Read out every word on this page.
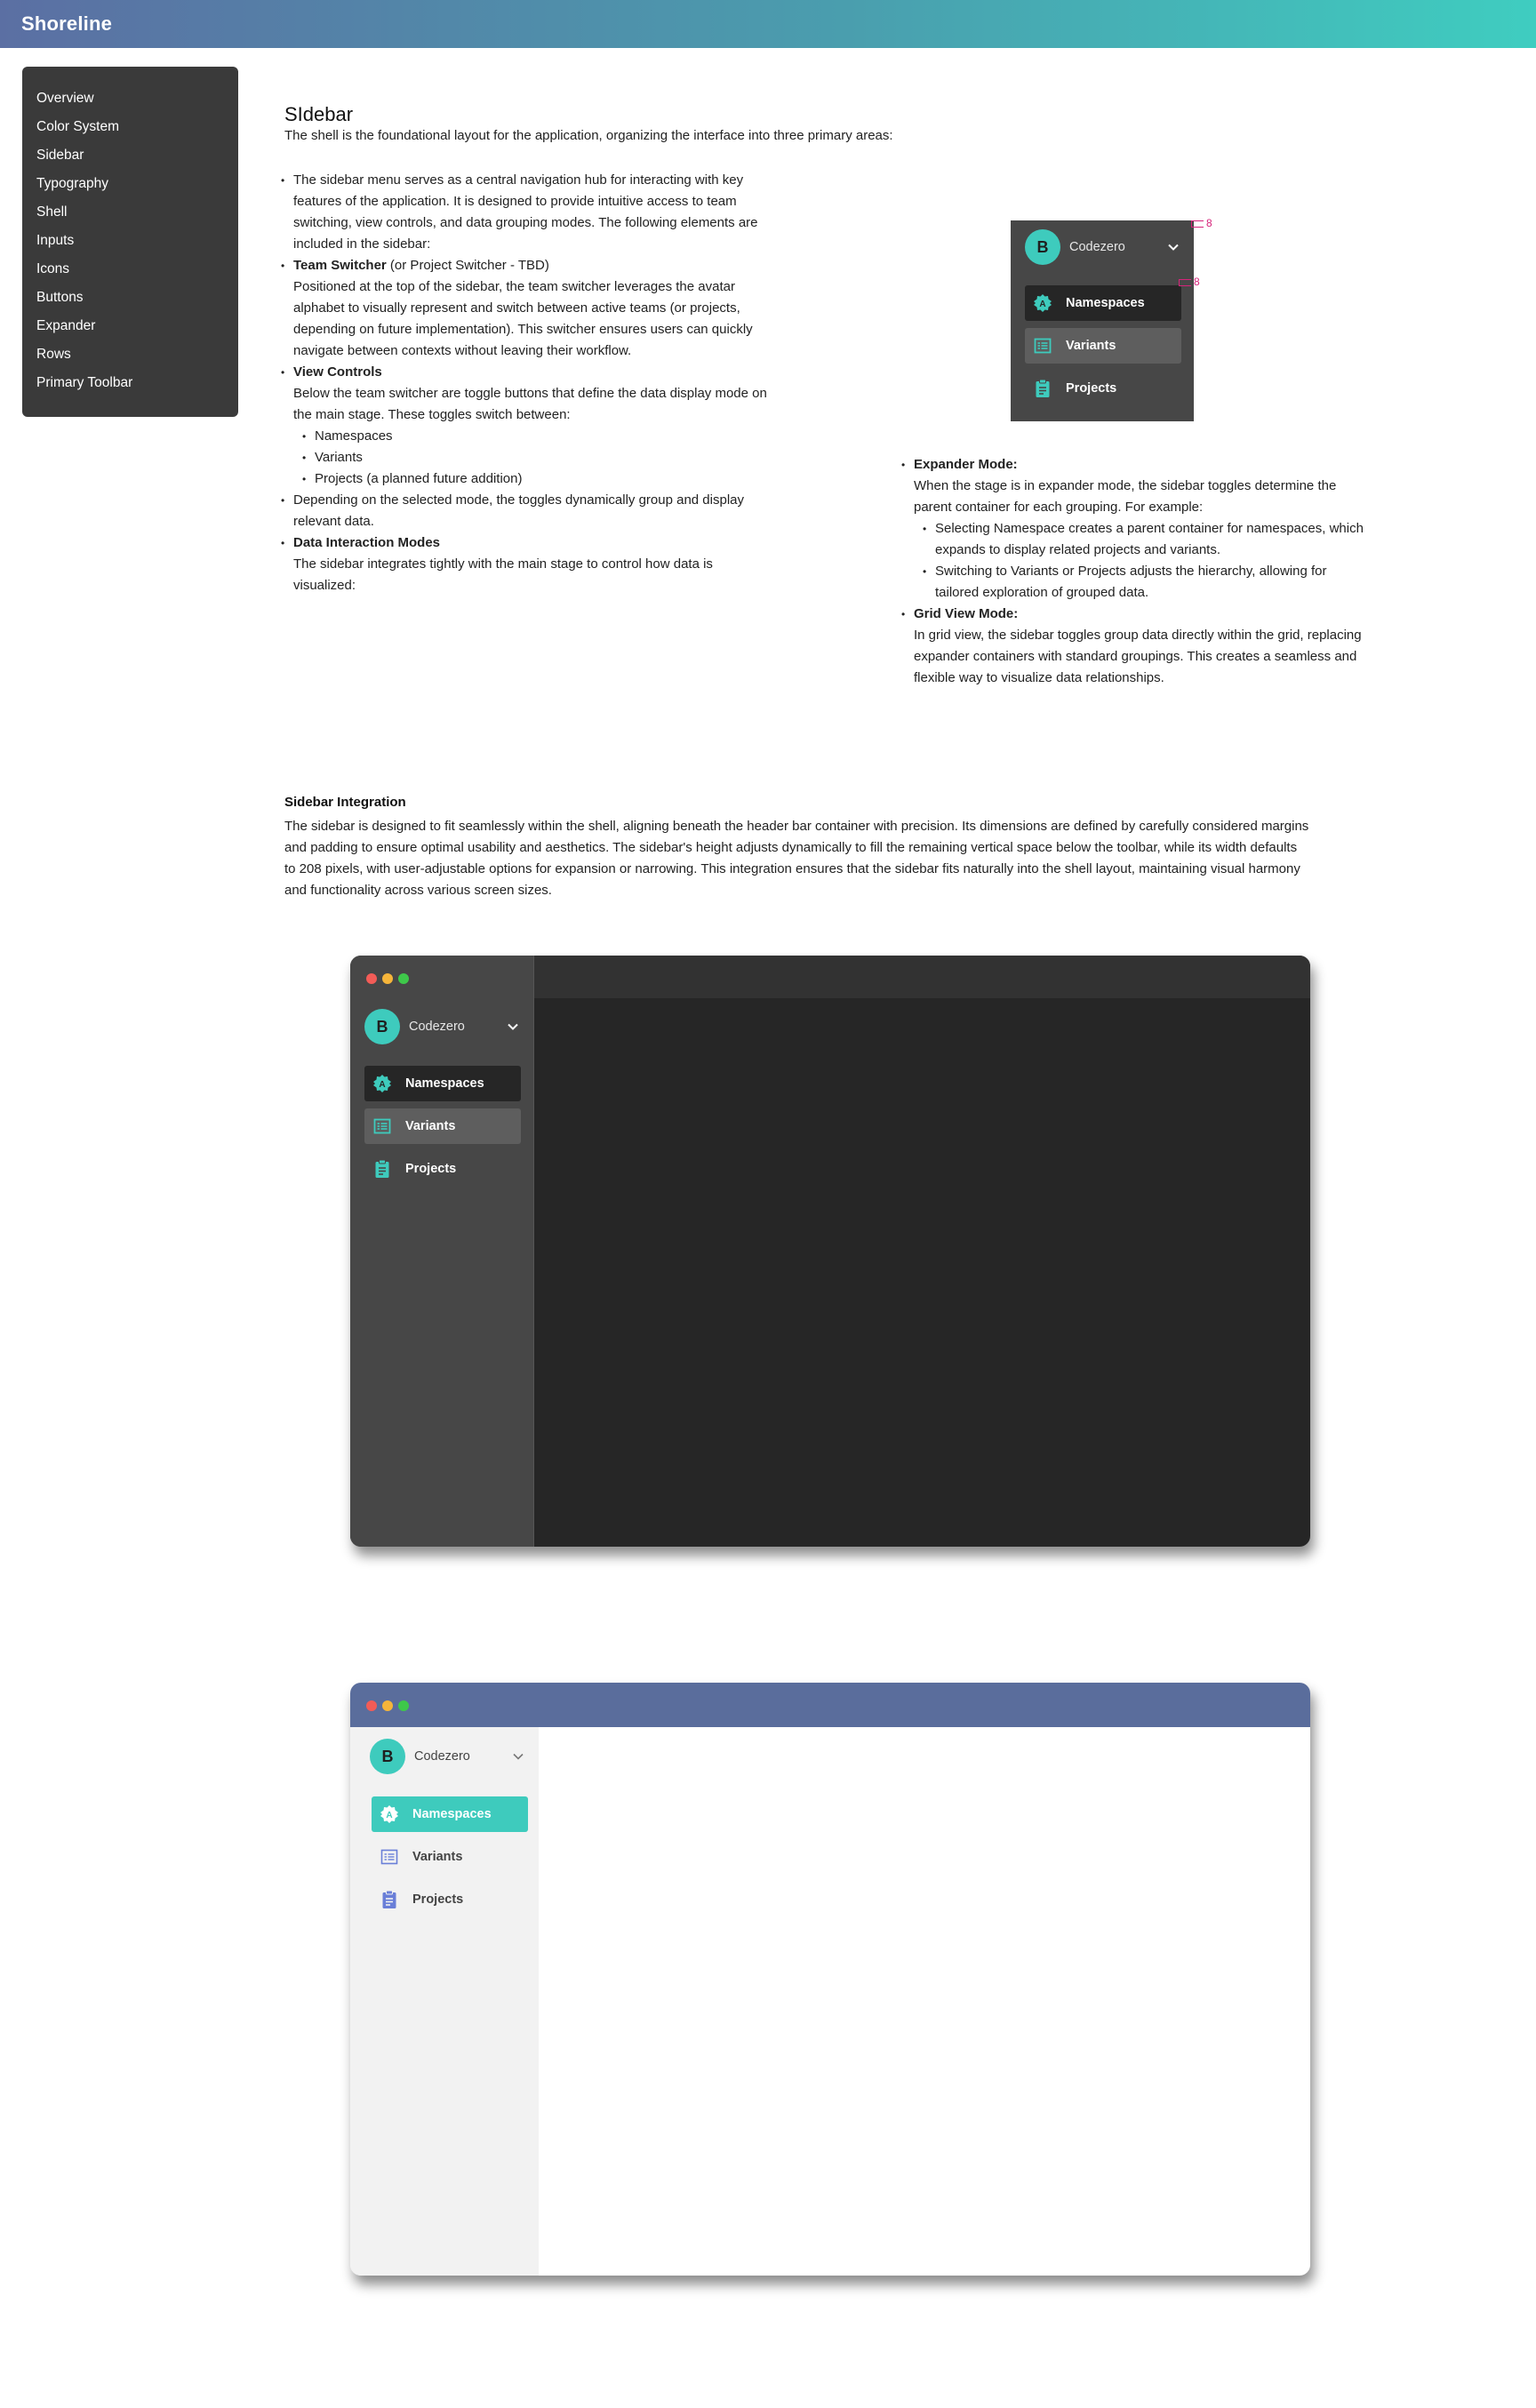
Shoreline
Overview
Color System
Sidebar
Typography
Shell
Inputs
Icons
Buttons
Expander
Rows
Primary Toolbar
SIdebar

The shell is the foundational layout for the application, organizing the interface into three primary areas:

• The sidebar menu serves as a central navigation hub for interacting with key
features of the application. It is designed to provide intuitive access to team
switching, view controls, and data grouping modes. The following elements are
included in the sidebar:
• Team Switcher (or Project Switcher - TBD)
Positioned at the top of the sidebar, the team switcher leverages the avatar
alphabet to visually represent and switch between active teams (or projects,
depending on future implementation). This switcher ensures users can quickly
navigate between contexts without leaving their workflow.
• View Controls
Below the team switcher are toggle buttons that define the data display mode on
the main stage. These toggles switch between:
• Namespaces
• Variants
• Projects (a planned future addition)
• Depending on the selected mode, the toggles dynamically group and display
relevant data.
• Data Interaction Modes
The sidebar integrates tightly with the main stage to control how data is
visualized:
• Expander Mode:
When the stage is in expander mode, the sidebar toggles determine the
parent container for each grouping. For example:
• Selecting Namespace creates a parent container for namespaces, which
expands to display related projects and variants.
• Switching to Variants or Projects adjusts the hierarchy, allowing for
tailored exploration of grouped data.
• Grid View Mode:
In grid view, the sidebar toggles group data directly within the grid, replacing
expander containers with standard groupings. This creates a seamless and
flexible way to visualize data relationships.
B	Codezero
A Namespaces
Variants
Projects
8
8
Sidebar Integration
The sidebar is designed to fit seamlessly within the shell, aligning beneath the header bar container with precision. Its dimensions are defined by carefully considered margins
and padding to ensure optimal usability and aesthetics. The sidebar's height adjusts dynamically to fill the remaining vertical space below the toolbar, while its width defaults
to 208 pixels, with user-adjustable options for expansion or narrowing. This integration ensures that the sidebar fits naturally into the shell layout, maintaining visual harmony
and functionality across various screen sizes.
B	Codezero
A Namespaces
Variants
Projects
B	Codezero
A Namespaces
Variants
Projects
